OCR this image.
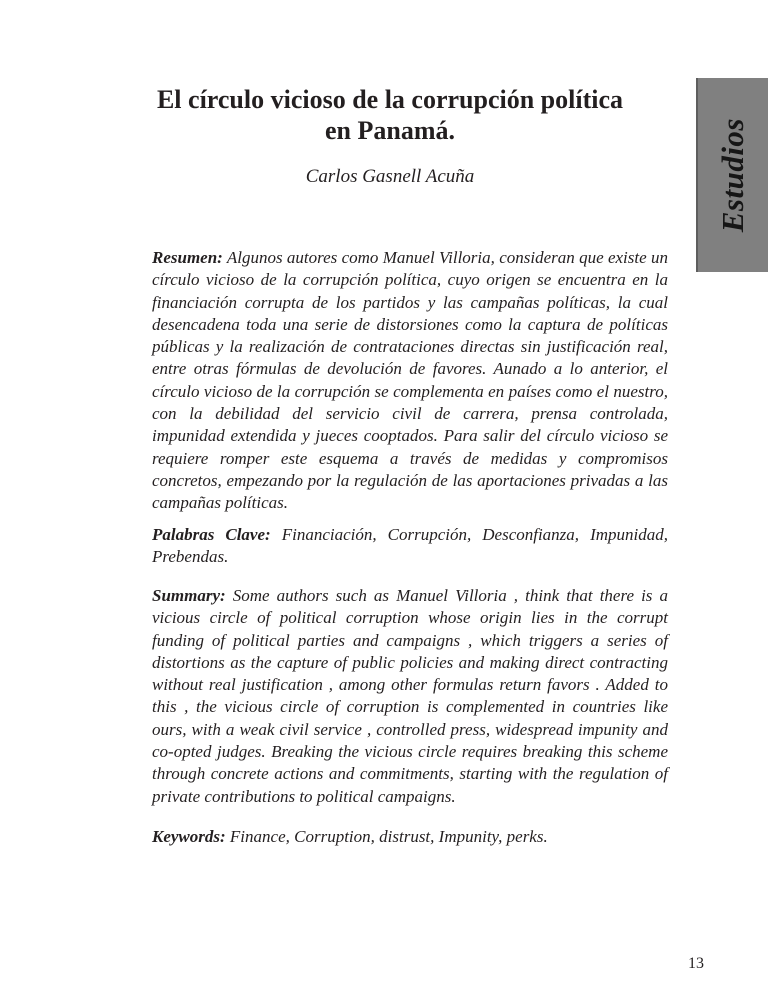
El círculo vicioso de la corrupción política
en Panamá.
Carlos Gasnell Acuña	Estudios

Resumen: Algunos autores como Manuel Villoria, consideran que existe un círculo vicioso de la corrupción política, cuyo origen se encuentra en la financiación corrupta de los partidos y las campañas políticas, la cual desencadena toda una serie de distorsiones como la captura de políticas públicas y la realización de contrataciones directas sin justificación real, entre otras fórmulas de devolución de favores. Aunado a lo anterior, el círculo vicioso de la corrupción se complementa en países como el nuestro, con la debilidad del servicio civil de carrera, prensa controlada, impunidad extendida y jueces cooptados. Para salir del círculo vicioso se requiere romper este esquema a través de medidas y compromisos concretos, empezando por la regulación de las aportaciones privadas a las campañas políticas.

Palabras Clave: Financiación, Corrupción, Desconfianza, Impunidad, Prebendas.

Summary: Some authors such as Manuel Villoria , think that there is a vicious circle of political corruption whose origin lies in the corrupt funding of political parties and campaigns , which triggers a series of distortions as the capture of public policies and making direct contracting without real justification , among other formulas return favors . Added to this , the vicious circle of corruption is complemented in countries like ours, with a weak civil service , controlled press, widespread impunity and co-opted judges. Breaking the vicious circle requires breaking this scheme through concrete actions and commitments, starting with the regulation of private contributions to political campaigns.

Keywords: Finance, Corruption, distrust, Impunity, perks.

13
